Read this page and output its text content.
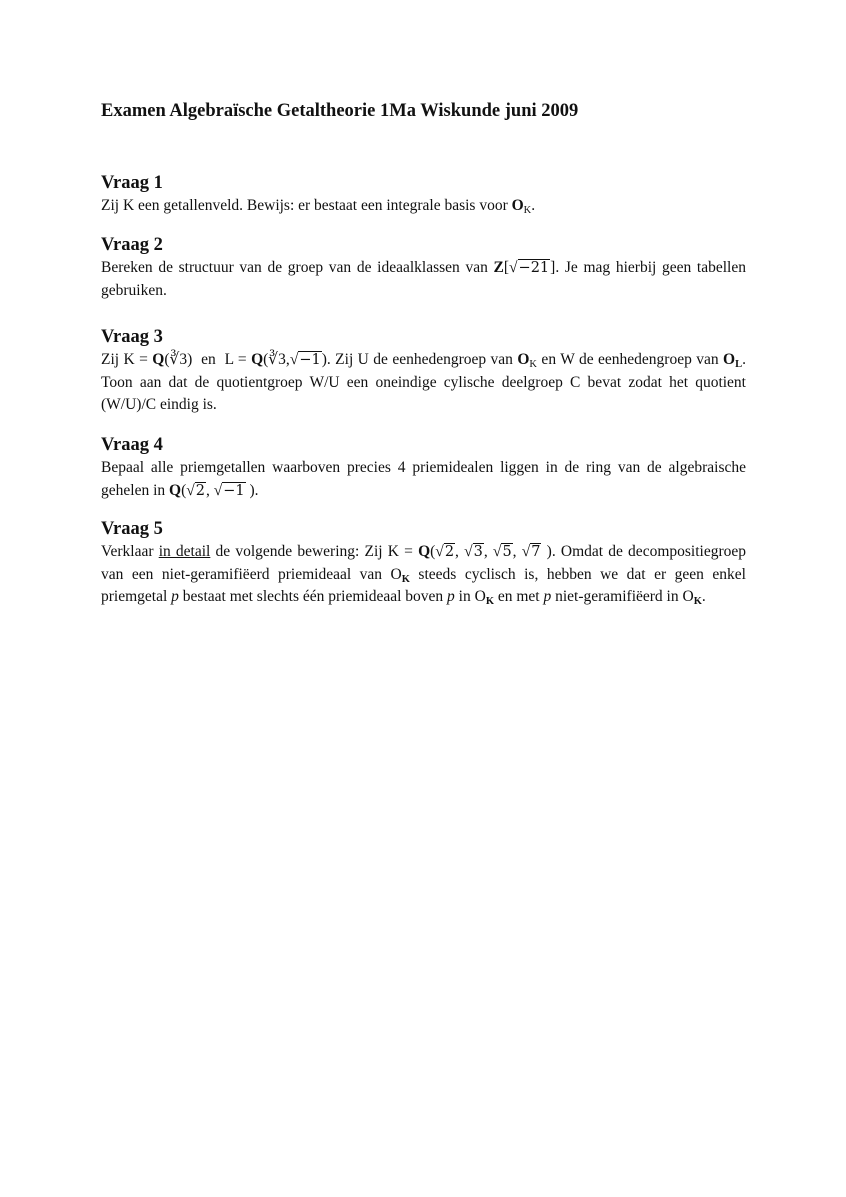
Examen Algebraïsche Getaltheorie 1Ma Wiskunde juni 2009
Vraag 1

Zij K een getallenveld. Bewijs: er bestaat een integrale basis voor $O_K$.

Vraag 2

Bereken de structuur van de groep van de ideaalklassen van Z[√−21]. Je mag hierbij geen tabellen gebruiken.

Vraag 3

Zij K = Q(∛3)  en  L = Q(∛3,√−1). Zij U de eenhedengroep van $O_K$ en W de eenhedengroep van $O_L$. Toon aan dat de quotientgroep W/U een oneindige cylische deelgroep C bevat zodat het quotient (W/U)/C eindig is.

Vraag 4

Bepaal alle priemgetallen waarboven precies 4 priemidealen liggen in de ring van de algebraische gehelen in Q(√2, √−1 ).

Vraag 5

Verklaar in detail de volgende bewering: Zij K = Q(√2, √3, √5, √7 ). Omdat de decompositiegroep van een niet-geramifiëerd priemideaal van $O_K$ steeds cyclisch is, hebben we dat er geen enkel priemgetal p bestaat met slechts één priemideaal boven p in $O_K$ en met p niet-geramifiëerd in $O_K$.
